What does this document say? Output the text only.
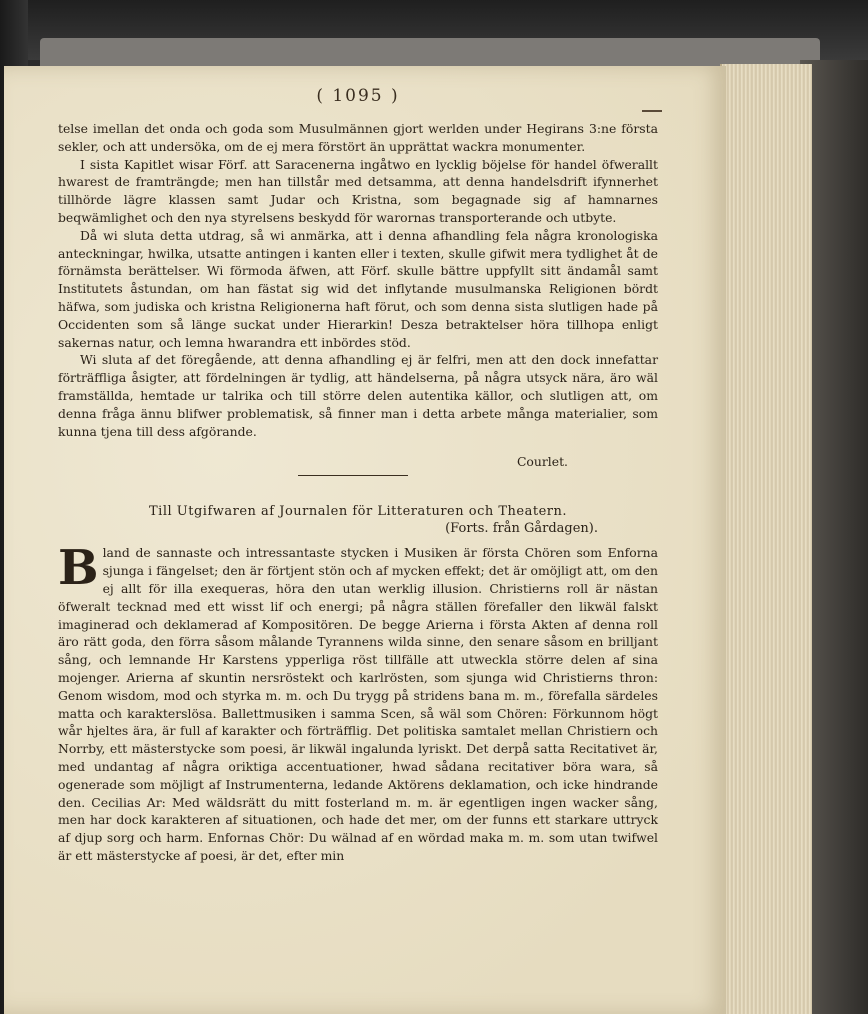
( 1095 )

telse imellan det onda och goda som Musulmännen gjort werlden under Hegirans 3:ne första sekler, och att undersöka, om de ej mera förstört än upprättat wackra monumenter.

I sista Kapitlet wisar Förf. att Saracenerna ingåtwo en lycklig böjelse för handel öfwerallt hwarest de framträngde; men han tillstår med detsamma, att denna handelsdrift ifynnerhet tillhörde lägre klassen samt Judar och Kristna, som begagnade sig af hamnarnes beqwämlighet och den nya styrelsens beskydd för warornas transporterande och utbyte.

Då wi sluta detta utdrag, så wi anmärka, att i denna afhandling fela några kronologiska anteckningar, hwilka, utsatte antingen i kanten eller i texten, skulle gifwit mera tydlighet åt de förnämsta berättelser. Wi förmoda äfwen, att Förf. skulle bättre uppfyllt sitt ändamål samt Institutets åstundan, om han fästat sig wid det inflytande musulmanska Religionen bördt häfwa, som judiska och kristna Religionerna haft förut, och som denna sista slutligen hade på Occidenten som så länge suckat under Hierarkin! Desza betraktelser höra tillhopa enligt sakernas natur, och lemna hwarandra ett inbördes stöd.

Wi sluta af det föregående, att denna afhandling ej är felfri, men att den dock innefattar förträffliga åsigter, att fördelningen är tydlig, att händelserna, på några utsyck nära, äro wäl framställda, hemtade ur talrika och till större delen autentika källor, och slutligen att, om denna fråga ännu blifwer problematisk, så finner man i detta arbete många materialier, som kunna tjena till dess afgörande.

Courlet.
Till Utgifwaren af Journalen för Litteraturen och Theatern.
(Forts. från Gårdagen).

B land de sannaste och intressantaste stycken i Musiken är första Chören som Enforna sjunga i fängelset; den är förtjent stön och af mycken effekt; det är omöjligt att, om den ej allt för illa exequeras, höra den utan werklig illusion. Christierns roll är nästan öfweralt tecknad med ett wisst lif och energi; på några ställen förefaller den likwäl falskt imaginerad och deklamerad af Kompositören. De begge Arierna i första Akten af denna roll äro rätt goda, den förra såsom målande Tyrannens wilda sinne, den senare såsom en brilljant sång, och lemnande Hr Karstens ypperliga röst tillfälle att utweckla större delen af sina mojenger. Arierna af skuntin nersröstekt och karlrösten, som sjunga wid Christierns thron: Genom wisdom, mod och styrka m. m. och Du trygg på stridens bana m. m., förefalla särdeles matta och karakterslösa. Ballettmusiken i samma Scen, så wäl som Chören: Förkunnom högt wår hjeltes ära, är full af karakter och förträfflig. Det politiska samtalet mellan Christiern och Norrby, ett mästerstycke som poesi, är likwäl ingalunda lyriskt. Det derpå satta Recitativet är, med undantag af några oriktiga accentuationer, hwad sådana recitativer böra wara, så ogenerade som möjligt af Instrumenterna, ledande Aktörens deklamation, och icke hindrande den. Cecilias Ar: Med wäldsrätt du mitt fosterland m. m. är egentligen ingen wacker sång, men har dock karakteren af situationen, och hade det mer, om der funns ett starkare uttryck af djup sorg och harm. Enfornas Chör: Du wälnad af en wördad maka m. m. som utan twifwel är ett mästerstycke af poesi, är det, efter min
